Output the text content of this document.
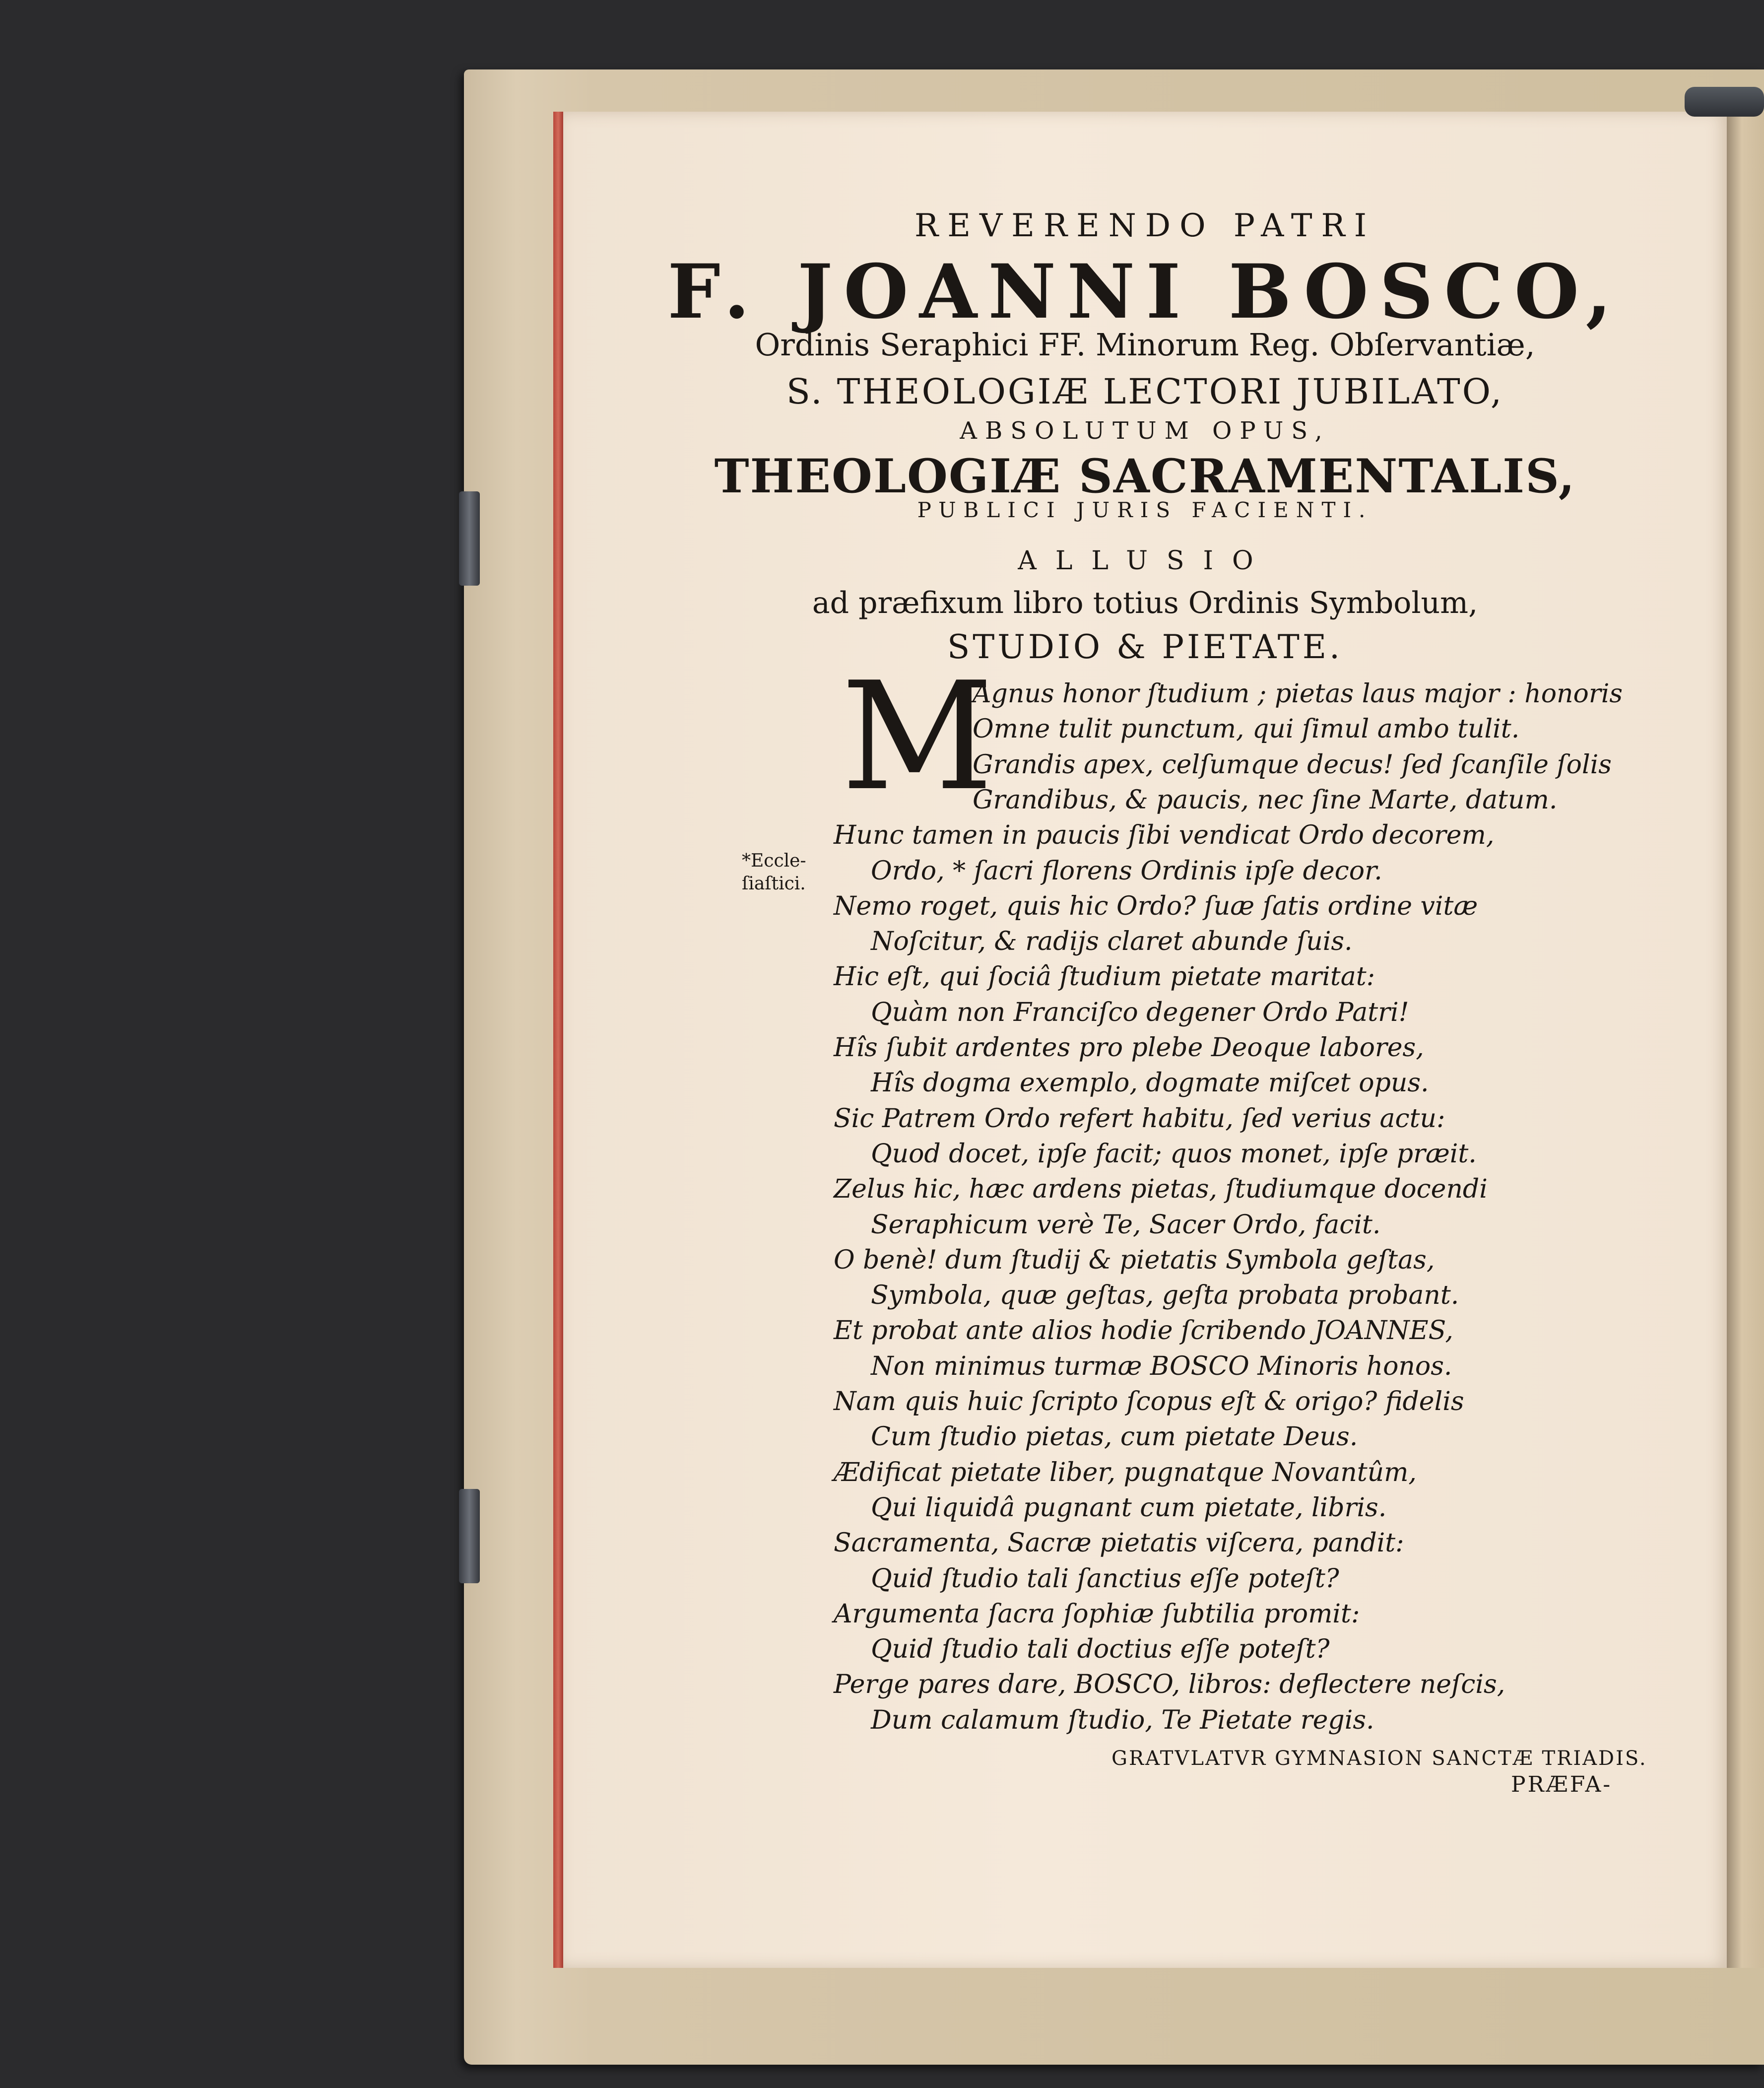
REVERENDO PATRI
F. JOANNI BOSCO,
Ordinis Seraphici FF. Minorum Reg. Obſervantiæ,
S. THEOLOGIÆ LECTORI JUBILATO,
ABSOLUTUM OPUS,
THEOLOGIÆ SACRAMENTALIS,
PUBLICI JURIS FACIENTI.
ALLUSIO
ad præfixum libro totius Ordinis Symbolum,
STUDIO & PIETATE.
M
*Eccle-
ſiaſtici.
Agnus honor ſtudium ; pietas laus major : honoris
Omne tulit punctum, qui ſimul ambo tulit.
Grandis apex, celſumque decus! ſed ſcanſile ſolis
Grandibus, & paucis, nec ſine Marte, datum.
Hunc tamen in paucis ſibi vendicat Ordo decorem,
Ordo, * ſacri florens Ordinis ipſe decor.
Nemo roget, quis hic Ordo? ſuæ ſatis ordine vitæ
Noſcitur, & radijs claret abunde ſuis.
Hic eſt, qui ſociâ ſtudium pietate maritat:
Quàm non Franciſco degener Ordo Patri!
Hîs ſubit ardentes pro plebe Deoque labores,
Hîs dogma exemplo, dogmate miſcet opus.
Sic Patrem Ordo refert habitu, ſed verius actu:
Quod docet, ipſe facit; quos monet, ipſe præit.
Zelus hic, hæc ardens pietas, ſtudiumque docendi
Seraphicum verè Te, Sacer Ordo, facit.
O benè! dum ſtudij & pietatis Symbola geſtas,
Symbola, quæ geſtas, geſta probata probant.
Et probat ante alios hodie ſcribendo JOANNES,
Non minimus turmæ BOSCO Minoris honos.
Nam quis huic ſcripto ſcopus eſt & origo? fidelis
Cum ſtudio pietas, cum pietate Deus.
Ædificat pietate liber, pugnatque Novantûm,
Qui liquidâ pugnant cum pietate, libris.
Sacramenta, Sacræ pietatis viſcera, pandit:
Quid ſtudio tali ſanctius eſſe poteſt?
Argumenta ſacra ſophiæ ſubtilia promit:
Quid ſtudio tali doctius eſſe poteſt?
Perge pares dare, BOSCO, libros: deflectere neſcis,
Dum calamum ſtudio, Te Pietate regis.
GRATVLATVR GYMNASION SANCTÆ TRIADIS.
PRÆFA-
